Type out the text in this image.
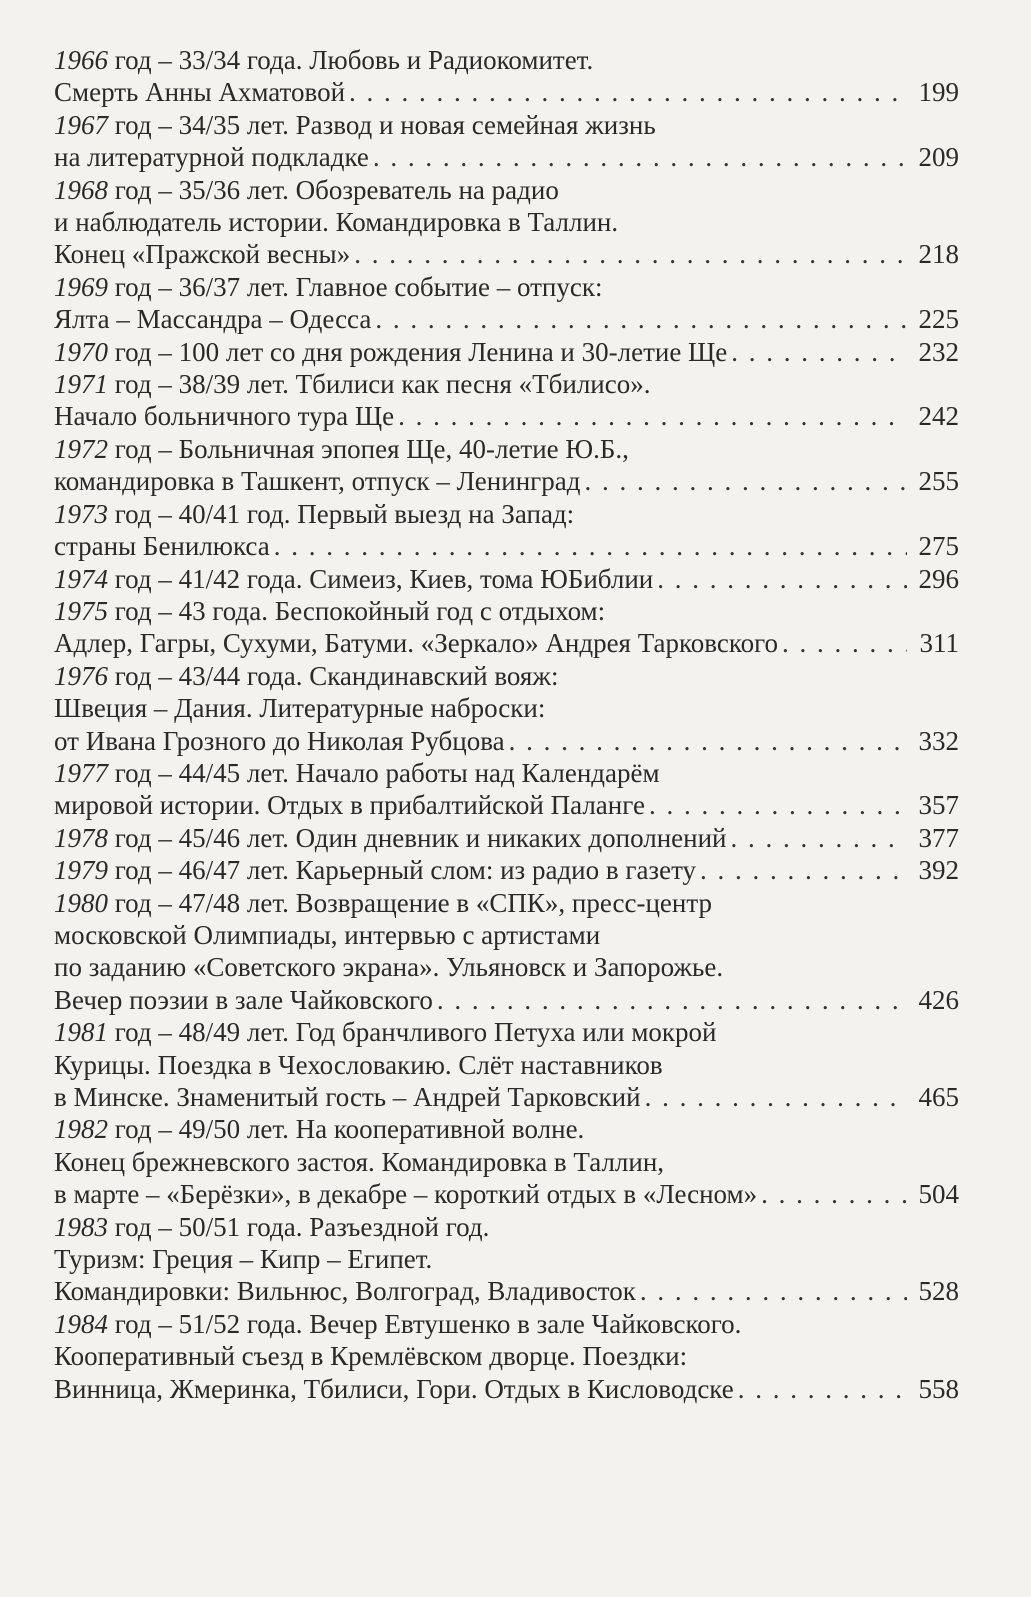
1966
год – 33/34 года. Любовь и Радиокомитет.
Смерть Анны Ахматовой . . .	199
1967
год – 34/35 лет. Развод и новая семейная жизнь
на литературной подкладке . . .	209
1968
год – 35/36 лет. Обозреватель на радио
и наблюдатель истории. Командировка в Таллин.
Конец «Пражской весны» . . .	218
1969
год – 36/37 лет. Главное событие – отпуск:
Ялта – Массандра – Одесса . . .	225
1970
год – 100 лет со дня рождения Ленина и 30-летие Ще . . .	232
1971
год – 38/39 лет. Тбилиси как песня «Тбилисо».
Начало больничного тура Ще . . .	242
1972
год – Больничная эпопея Ще, 40-летие Ю.Б.,
командировка в Ташкент, отпуск – Ленинград . . .	255
1973
год – 40/41 год. Первый выезд на Запад:
страны Бенилюкса . . .	275
1974
год – 41/42 года. Симеиз, Киев, тома ЮБиблии . . .	296
1975
год – 43 года. Беспокойный год с отдыхом:
Адлер, Гагры, Сухуми, Батуми. «Зеркало» Андрея Тарковского . . .	311
1976
год – 43/44 года. Скандинавский вояж:
Швеция – Дания. Литературные наброски:
от Ивана Грозного до Николая Рубцова . . .	332
1977
год – 44/45 лет. Начало работы над Календарём
мировой истории. Отдых в прибалтийской Паланге . . .	357
1978
год – 45/46 лет. Один дневник и никаких дополнений . . .	377
1979
год – 46/47 лет. Карьерный слом: из радио в газету . . .	392
1980
год – 47/48 лет. Возвращение в «СПК», пресс-центр
московской Олимпиады, интервью с артистами
по заданию «Советского экрана». Ульяновск и Запорожье.
Вечер поэзии в зале Чайковского . . .	426
1981
год – 48/49 лет. Год бранчливого Петуха или мокрой
Курицы. Поездка в Чехословакию. Слёт наставников
в Минске. Знаменитый гость – Андрей Тарковский . . .	465
1982
год – 49/50 лет. На кооперативной волне.
Конец брежневского застоя. Командировка в Таллин,
в марте – «Берёзки», в декабре – короткий отдых в «Лесном» . . .	504
1983
год – 50/51 года. Разъездной год.
Туризм: Греция – Кипр – Египет.
Командировки: Вильнюс, Волгоград, Владивосток . . .	528
1984
год – 51/52 года. Вечер Евтушенко в зале Чайковского.
Кооперативный съезд в Кремлёвском дворце. Поездки:
Винница, Жмеринка, Тбилиси, Гори. Отдых в Кисловодске . . .	558
